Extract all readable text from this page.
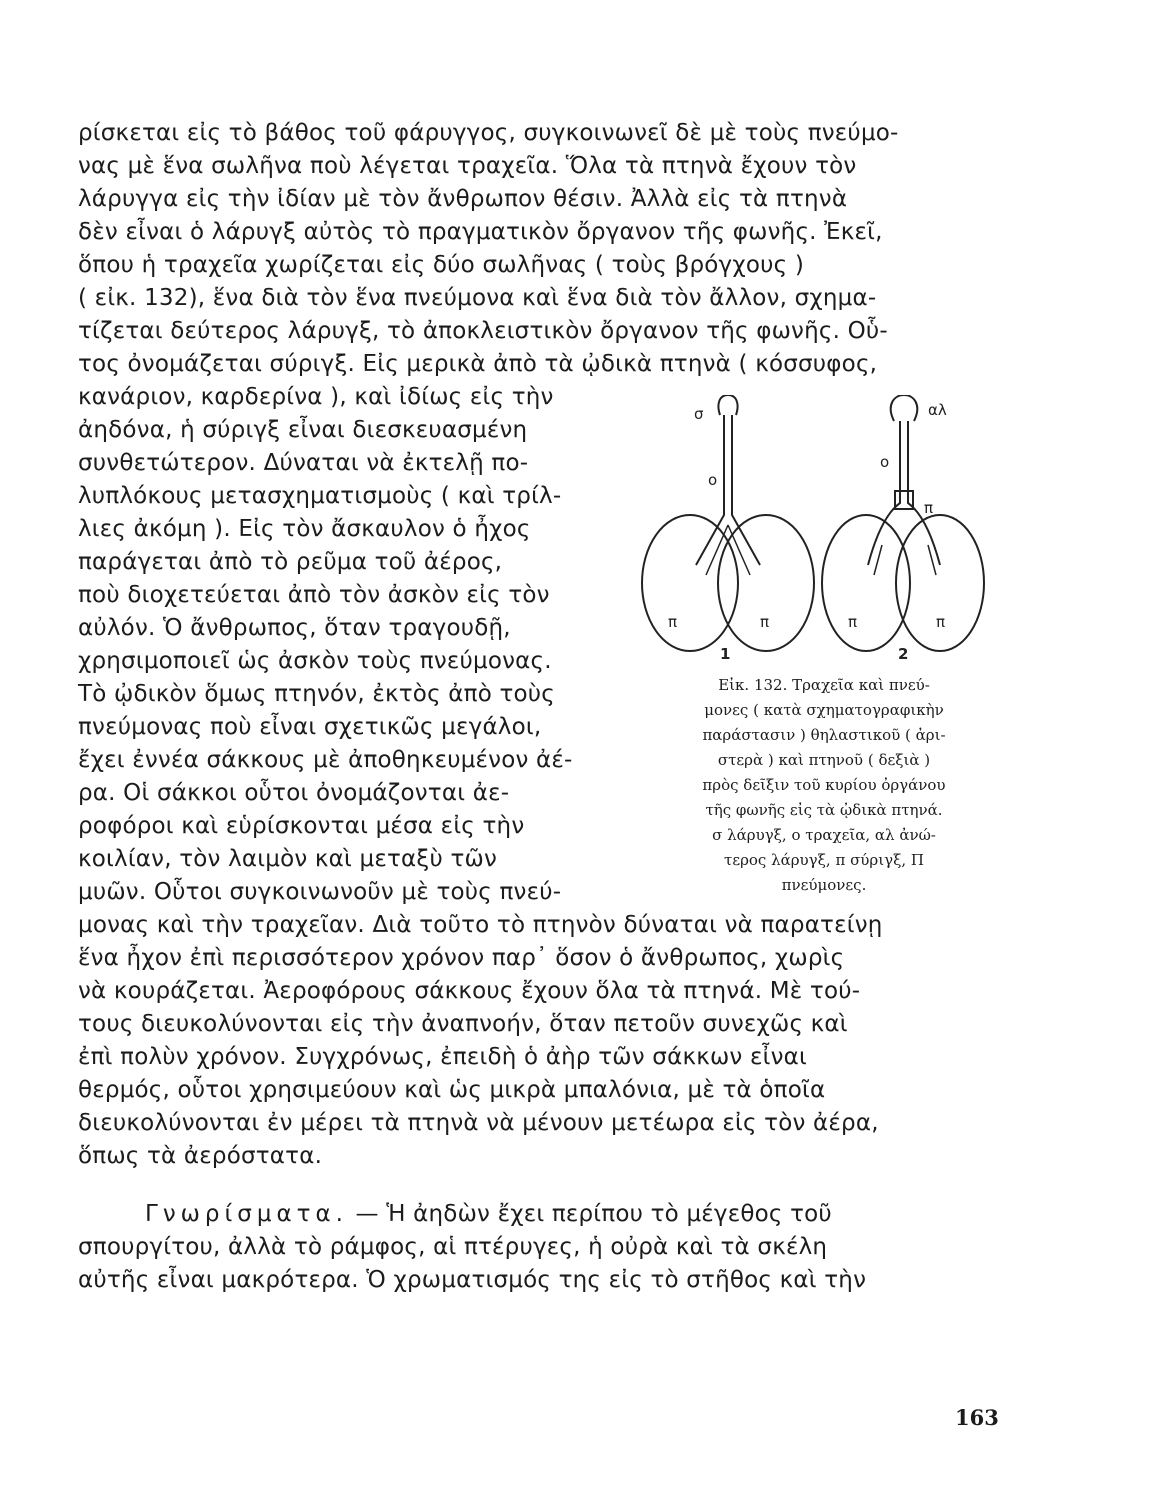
ρίσκεται εἰς τὸ βάθος τοῦ φάρυγγος, συγκοινωνεῖ δὲ μὲ τοὺς πνεύμο-

νας μὲ ἕνα σωλῆνα ποὺ λέγεται τραχεῖα. Ὅλα τὰ πτηνὰ ἔχουν τὸν

λάρυγγα εἰς τὴν ἰδίαν μὲ τὸν ἄνθρωπον θέσιν. Ἀλλὰ εἰς τὰ πτηνὰ

δὲν εἶναι ὁ λάρυγξ αὐτὸς τὸ πραγματικὸν ὄργανον τῆς φωνῆς. Ἐκεῖ,

ὅπου ἡ τραχεῖα χωρίζεται εἰς δύο σωλῆνας ( τοὺς βρόγχους )

( εἰκ. 132), ἕνα διὰ τὸν ἕνα πνεύμονα καὶ ἕνα διὰ τὸν ἄλλον, σχημα-

τίζεται δεύτερος λάρυγξ, τὸ ἀποκλειστικὸν ὄργανον τῆς φωνῆς. Οὗ-

τος ὀνομάζεται σύριγξ. Εἰς μερικὰ ἀπὸ τὰ ᾠδικὰ πτηνὰ ( κόσσυφος,

κανάριον, καρδερίνα ), καὶ ἰδίως εἰς τὴν

ἀηδόνα, ἡ σύριγξ εἶναι διεσκευασμένη

συνθετώτερον. Δύναται νὰ ἐκτελῇ πο-

λυπλόκους μετασχηματισμοὺς ( καὶ τρίλ-

λιες ἀκόμη ). Εἰς τὸν ἄσκαυλον ὁ ἦχος

παράγεται ἀπὸ τὸ ρεῦμα τοῦ ἀέρος,

ποὺ διοχετεύεται ἀπὸ τὸν ἀσκὸν εἰς τὸν

αὐλόν. Ὁ ἄνθρωπος, ὅταν τραγουδῇ,

χρησιμοποιεῖ ὡς ἀσκὸν τοὺς πνεύμονας.

Τὸ ᾠδικὸν ὅμως πτηνόν, ἐκτὸς ἀπὸ τοὺς

πνεύμονας ποὺ εἶναι σχετικῶς μεγάλοι,

ἔχει ἐννέα σάκκους μὲ ἀποθηκευμένον ἀέ-

ρα. Οἱ σάκκοι οὗτοι ὀνομάζονται ἀε-

ροφόροι καὶ εὑρίσκονται μέσα εἰς τὴν

κοιλίαν, τὸν λαιμὸν καὶ μεταξὺ τῶν

μυῶν. Οὗτοι συγκοινωνοῦν μὲ τοὺς πνεύ-

μονας καὶ τὴν τραχεῖαν. Διὰ τοῦτο τὸ πτηνὸν δύναται νὰ παρατείνῃ

ἕνα ἦχον ἐπὶ περισσότερον χρόνον παρ᾽ ὅσον ὁ ἄνθρωπος, χωρὶς

νὰ κουράζεται. Ἀεροφόρους σάκκους ἔχουν ὅλα τὰ πτηνά. Μὲ τού-

τους διευκολύνονται εἰς τὴν ἀναπνοήν, ὅταν πετοῦν συνεχῶς καὶ

ἐπὶ πολὺν χρόνον. Συγχρόνως, ἐπειδὴ ὁ ἀὴρ τῶν σάκκων εἶναι

θερμός, οὗτοι χρησιμεύουν καὶ ὡς μικρὰ μπαλόνια, μὲ τὰ ὁποῖα

διευκολύνονται ἐν μέρει τὰ πτηνὰ νὰ μένουν μετέωρα εἰς τὸν ἀέρα,

ὅπως τὰ ἀερόστατα.

Γνωρίσματα. — Ἡ ἀηδὼν ἔχει περίπου τὸ μέγεθος τοῦ

σπουργίτου, ἀλλὰ τὸ ράμφος, αἱ πτέρυγες, ἡ οὐρὰ καὶ τὰ σκέλη

αὐτῆς εἶναι μακρότερα. Ὁ χρωματισμός της εἰς τὸ στῆθος καὶ τὴν

σ
ο
π	π
αλ
ο
π
π	π
1	2

Εἰκ. 132. Τραχεῖα καὶ πνεύ-

μονες ( κατὰ σχηματογραφικὴν

παράστασιν ) θηλαστικοῦ ( ἀρι-

στερὰ ) καὶ πτηνοῦ ( δεξιὰ )

πρὸς δεῖξιν τοῦ κυρίου ὀργάνου

τῆς φωνῆς εἰς τὰ ᾠδικὰ πτηνά.

σ λάρυγξ, ο τραχεῖα, αλ ἀνώ-

τερος λάρυγξ, π σύριγξ, Π

πνεύμονες.

163
